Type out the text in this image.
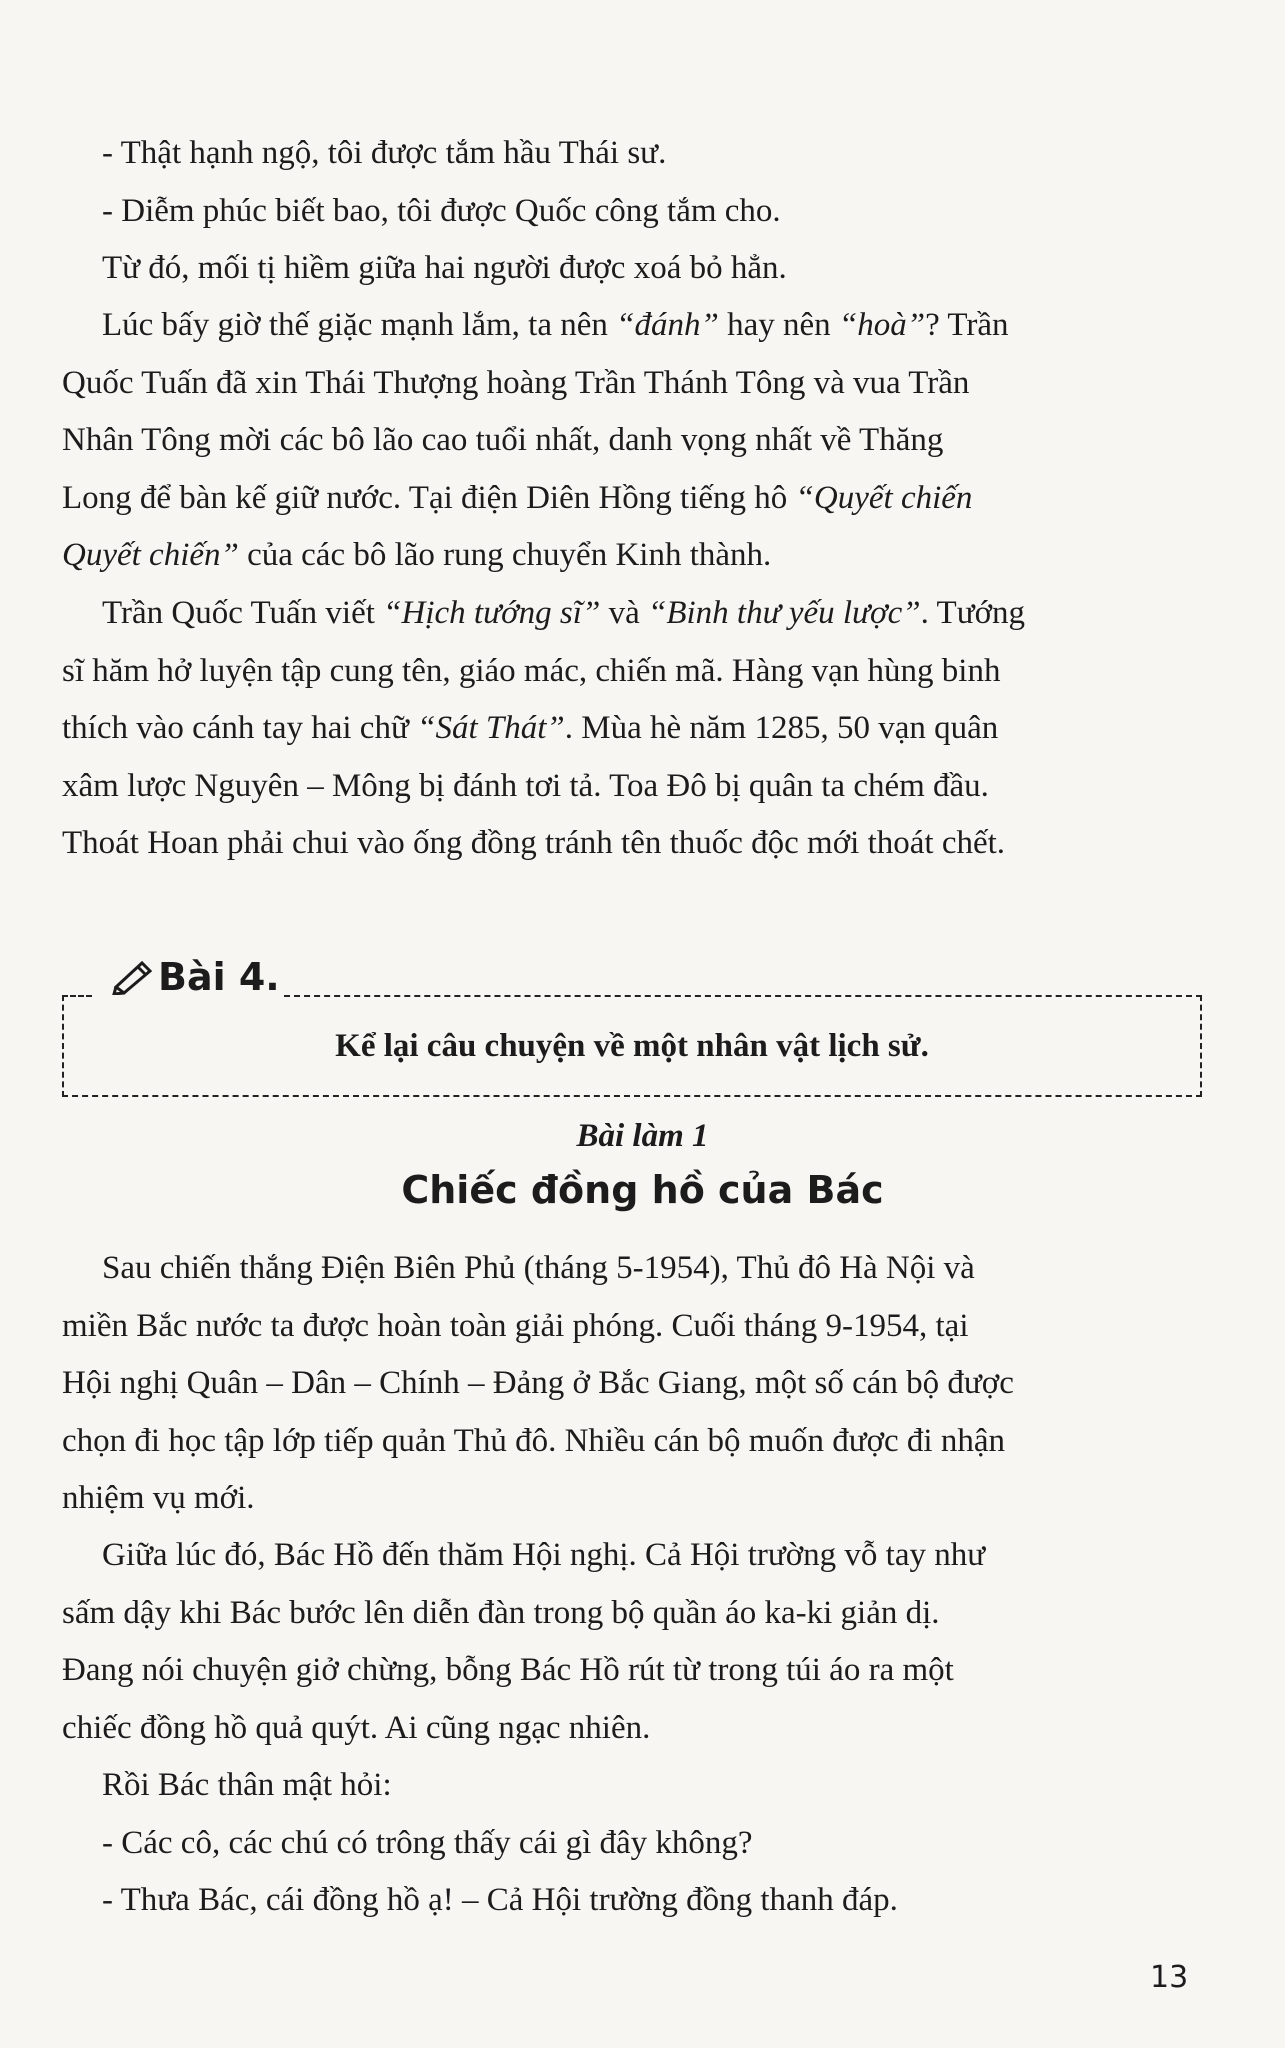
- Thật hạnh ngộ, tôi được tắm hầu Thái sư.
- Diễm phúc biết bao, tôi được Quốc công tắm cho.
Từ đó, mối tị hiềm giữa hai người được xoá bỏ hẳn.
Lúc bấy giờ thế giặc mạnh lắm, ta nên “đánh” hay nên “hoà”? Trần
Quốc Tuấn đã xin Thái Thượng hoàng Trần Thánh Tông và vua Trần
Nhân Tông mời các bô lão cao tuổi nhất, danh vọng nhất về Thăng
Long để bàn kế giữ nước. Tại điện Diên Hồng tiếng hô “Quyết chiến
Quyết chiến” của các bô lão rung chuyển Kinh thành.
Trần Quốc Tuấn viết “Hịch tướng sĩ” và “Binh thư yếu lược”. Tướng
sĩ hăm hở luyện tập cung tên, giáo mác, chiến mã. Hàng vạn hùng binh
thích vào cánh tay hai chữ “Sát Thát”. Mùa hè năm 1285, 50 vạn quân
xâm lược Nguyên – Mông bị đánh tơi tả. Toa Đô bị quân ta chém đầu.
Thoát Hoan phải chui vào ống đồng tránh tên thuốc độc mới thoát chết.
Bài 4.
Kể lại câu chuyện về một nhân vật lịch sử.
Bài làm 1
Chiếc đồng hồ của Bác
Sau chiến thắng Điện Biên Phủ (tháng 5-1954), Thủ đô Hà Nội và
miền Bắc nước ta được hoàn toàn giải phóng. Cuối tháng 9-1954, tại
Hội nghị Quân – Dân – Chính – Đảng ở Bắc Giang, một số cán bộ được
chọn đi học tập lớp tiếp quản Thủ đô. Nhiều cán bộ muốn được đi nhận
nhiệm vụ mới.
Giữa lúc đó, Bác Hồ đến thăm Hội nghị. Cả Hội trường vỗ tay như
sấm dậy khi Bác bước lên diễn đàn trong bộ quần áo ka-ki giản dị.
Đang nói chuyện giở chừng, bỗng Bác Hồ rút từ trong túi áo ra một
chiếc đồng hồ quả quýt. Ai cũng ngạc nhiên.
Rồi Bác thân mật hỏi:
- Các cô, các chú có trông thấy cái gì đây không?
- Thưa Bác, cái đồng hồ ạ! – Cả Hội trường đồng thanh đáp.
13
